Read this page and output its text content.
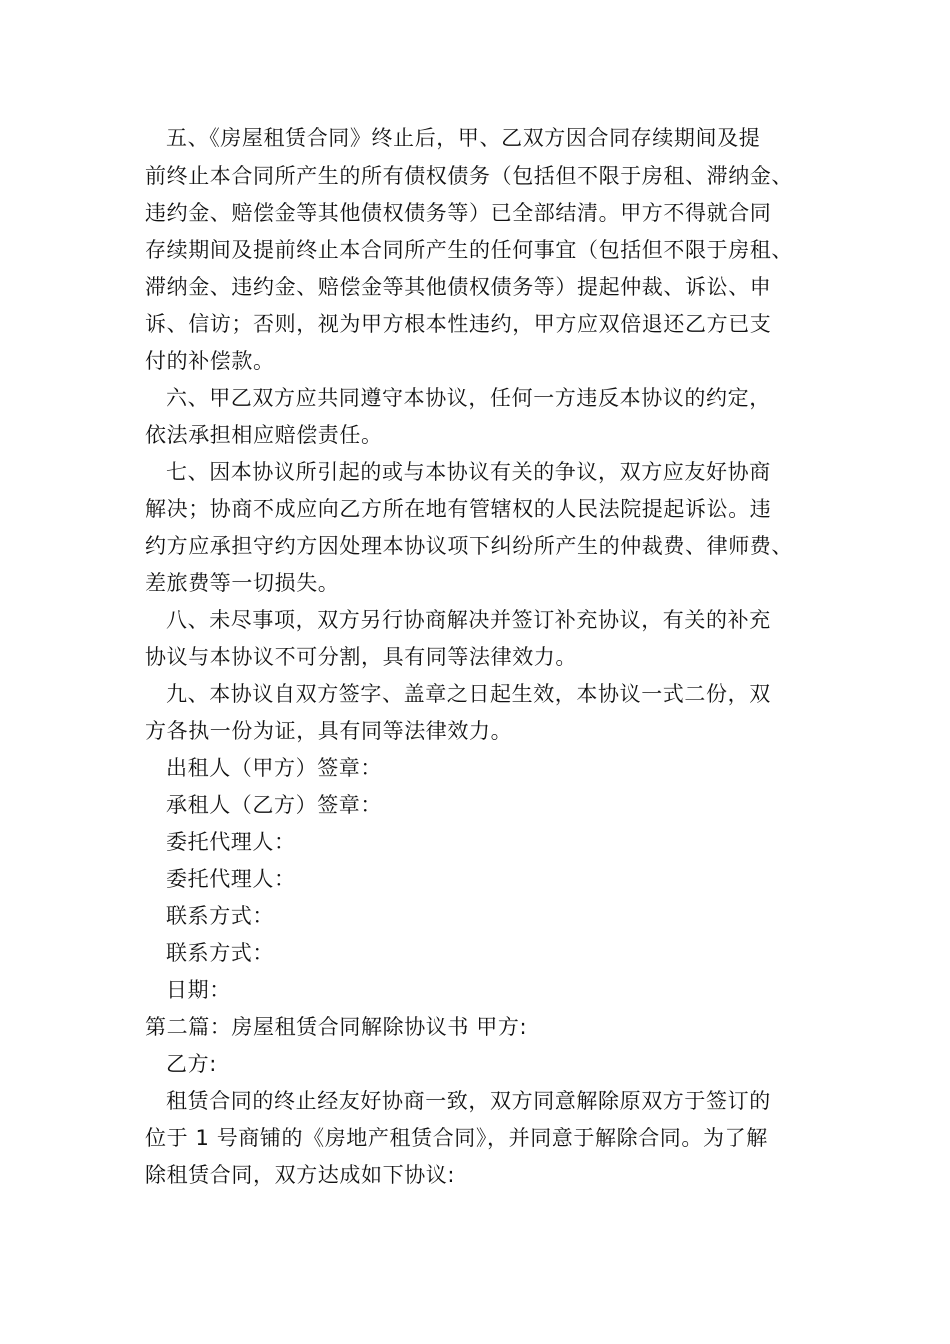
五、《房屋租赁合同》终止后，甲、乙双方因合同存续期间及提
前终止本合同所产生的所有债权债务（包括但不限于房租、滞纳金、
违约金、赔偿金等其他债权债务等）已全部结清。甲方不得就合同
存续期间及提前终止本合同所产生的任何事宜（包括但不限于房租、
滞纳金、违约金、赔偿金等其他债权债务等）提起仲裁、诉讼、申
诉、信访；否则，视为甲方根本性违约，甲方应双倍退还乙方已支
付的补偿款。
六、甲乙双方应共同遵守本协议，任何一方违反本协议的约定，
依法承担相应赔偿责任。
七、因本协议所引起的或与本协议有关的争议，双方应友好协商
解决；协商不成应向乙方所在地有管辖权的人民法院提起诉讼。违
约方应承担守约方因处理本协议项下纠纷所产生的仲裁费、律师费、
差旅费等一切损失。
八、未尽事项，双方另行协商解决并签订补充协议，有关的补充
协议与本协议不可分割，具有同等法律效力。
九、本协议自双方签字、盖章之日起生效，本协议一式二份，双
方各执一份为证，具有同等法律效力。
出租人（甲方）签章：
承租人（乙方）签章：
委托代理人：
委托代理人：
联系方式：
联系方式：
日期：
第二篇：房屋租赁合同解除协议书 甲方:
乙方:
租赁合同的终止经友好协商一致，双方同意解除原双方于签订的
位于 1 号商铺的《房地产租赁合同》，并同意于解除合同。为了解
除租赁合同，双方达成如下协议:
